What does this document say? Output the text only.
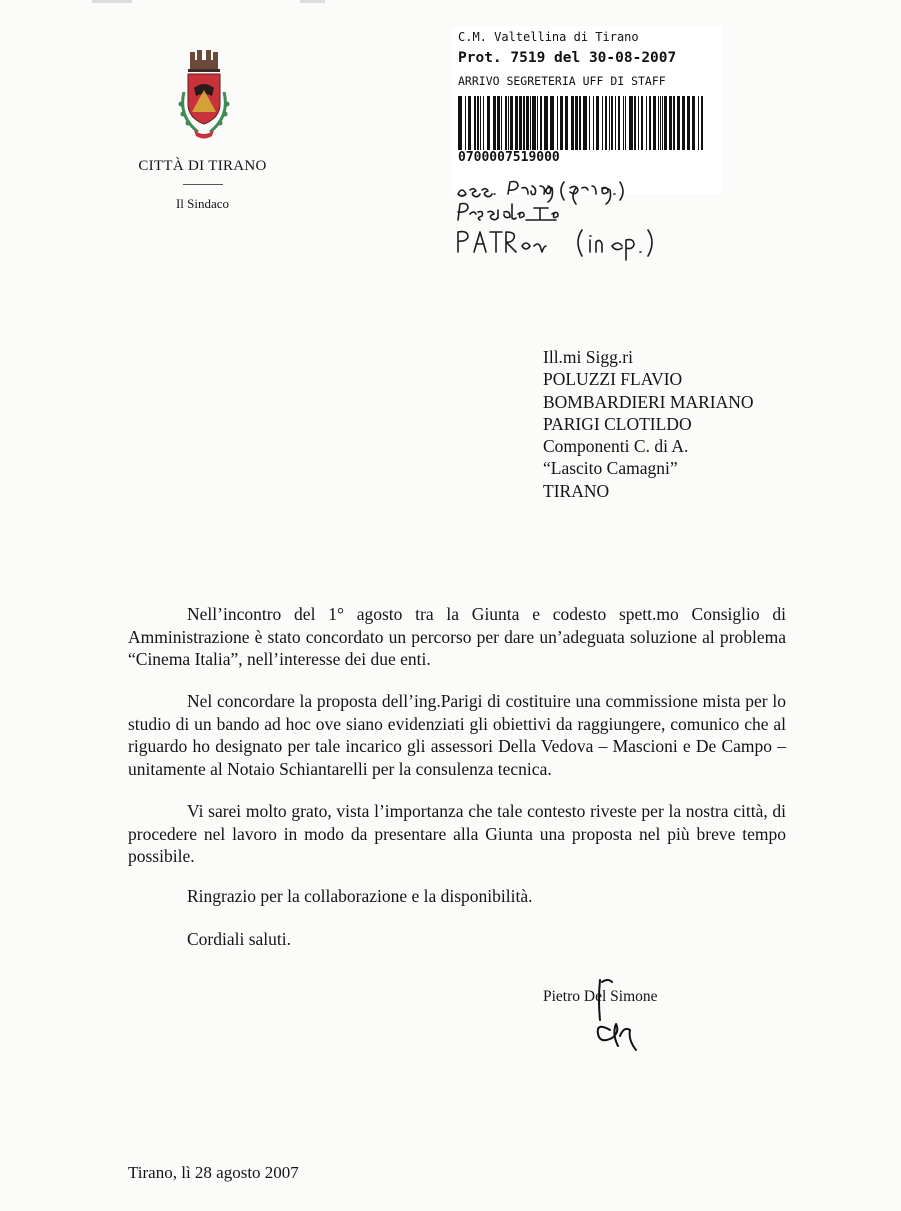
CITTÀ DI TIRANO
Il Sindaco
C.M. Valtellina di Tirano
Prot. 7519 del 30-08-2007
ARRIVO SEGRETERIA UFF DI STAFF
0700007519000
Ill.mi Sigg.ri
POLUZZI FLAVIO
BOMBARDIERI MARIANO
PARIGI CLOTILDO
Componenti C. di A.
“Lascito Camagni”
TIRANO
Nell’incontro del 1° agosto tra la Giunta e codesto spett.mo Consiglio di Amministrazione è stato concordato un percorso per dare un’adeguata soluzione al problema “Cinema Italia”, nell’interesse dei due enti.
Nel concordare la proposta dell’ing.Parigi di costituire una commissione mista per lo studio di un bando ad hoc ove siano evidenziati gli obiettivi da raggiungere, comunico che al riguardo ho designato per tale incarico gli assessori Della Vedova – Mascioni e De Campo – unitamente al Notaio Schiantarelli per la consulenza tecnica.
Vi sarei molto grato, vista l’importanza che tale contesto riveste per la nostra città, di procedere nel lavoro in modo da presentare alla Giunta una proposta nel più breve tempo possibile.
Ringrazio per la collaborazione e la disponibilità.
Cordiali saluti.
Pietro Del Simone
Tirano, lì 28 agosto 2007
